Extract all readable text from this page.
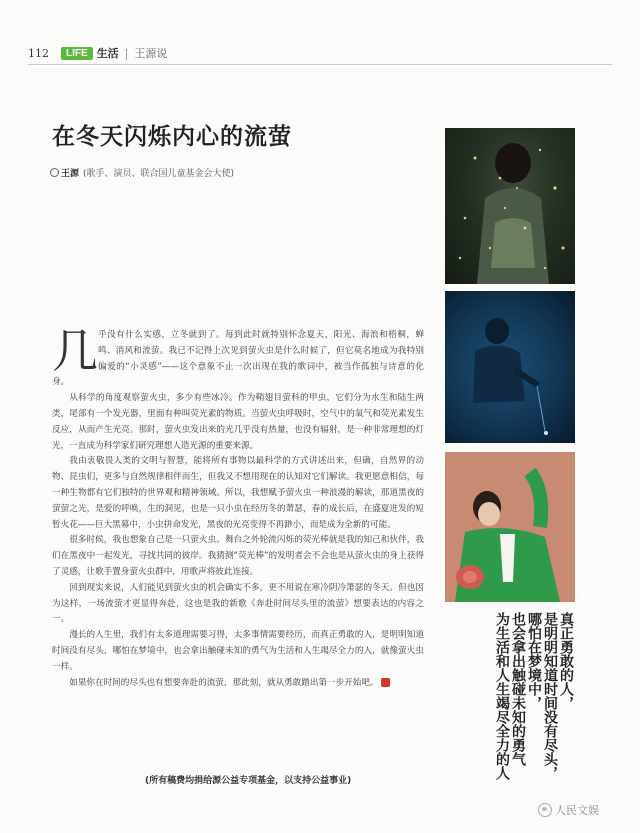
112	LIFE 生活 | 王源说
在冬天闪烁内心的流萤
王源 (歌手、演员、联合国儿童基金会大使)

几乎没有什么实感，立冬就到了。每到此时就特别怀念夏天，阳光、海浪和梧桐，蝉鸣、消风和流萤。我已不记得上次见到萤火虫是什么时候了，但它莫名地成为我特别偏爱的“小灵感”——这个意象不止一次出现在我的歌词中，被当作孤独与诗意的化身。

从科学的角度观察萤火虫，多少有些冰冷。作为鞘翅目萤科的甲虫，它们分为水生和陆生两类，尾部有一个发光器，里面有种叫荧光素的物质。当萤火虫呼吸时，空气中的氧气和荧光素发生反应，从而产生光亮。那时，萤火虫发出来的光几乎没有热量，也没有辐射，是一种非常理想的灯光，一直成为科学家们研究理想人造光源的重要来源。

我由衷敬畏人类的文明与智慧，能将所有事物以最科学的方式讲述出来，但确，自然界的动物、昆虫们，更多与自然规律相伴而生，但我又不想用现在的认知对它们解读。我更愿意相信，每一种生物都有它们独特的世界观和精神领域。所以，我想赋予萤火虫一种浪漫的解读，那道黑夜的萤萤之光，是爱的呼唤，生的洞见，也是一只小虫在经历冬的萧瑟，春的成长后，在盛夏迸发的短暂火花——巨大黑幕中，小虫拼命发光，黑夜的光亮变得不再渺小，而是成为全新的可能。

很多时候，我也想象自己是一只萤火虫。舞台之外轮流闪烁的荧光棒就是我的知己和伙伴，我们在黑夜中一起发光，寻找共同的彼岸。我猜测“荧光棒”的发明者会不会也是从萤火虫的身上获得了灵感，让歌手置身萤火虫群中，用歌声将彼此连接。

回到现实来说，人们能见到萤火虫的机会确实不多，更不用说在寒冷阴冷萧瑟的冬天。但也因为这样，一场流萤才更显得奔赴，这也是我的新歌《奔赴时间尽头里的流萤》想要表达的内容之一。

漫长的人生里，我们有太多道理需要习得，太多事情需要经历，而真正勇敢的人，是明明知道时间没有尽头，哪怕在梦境中，也会拿出触碰未知的勇气为生活和人生竭尽全力的人，就像萤火虫一样。

如果你在时间的尽头也有想要奔赴的流萤，那此刻，就从勇敢踏出第一步开始吧。	G

(所有稿费均捐给源公益专项基金，以支持公益事业)
真正勇敢的人，
是明明知道时间没有尽头，
哪怕在梦境中，
也会拿出触碰未知的勇气
为生活和人生竭尽全力的人
人民文娱
